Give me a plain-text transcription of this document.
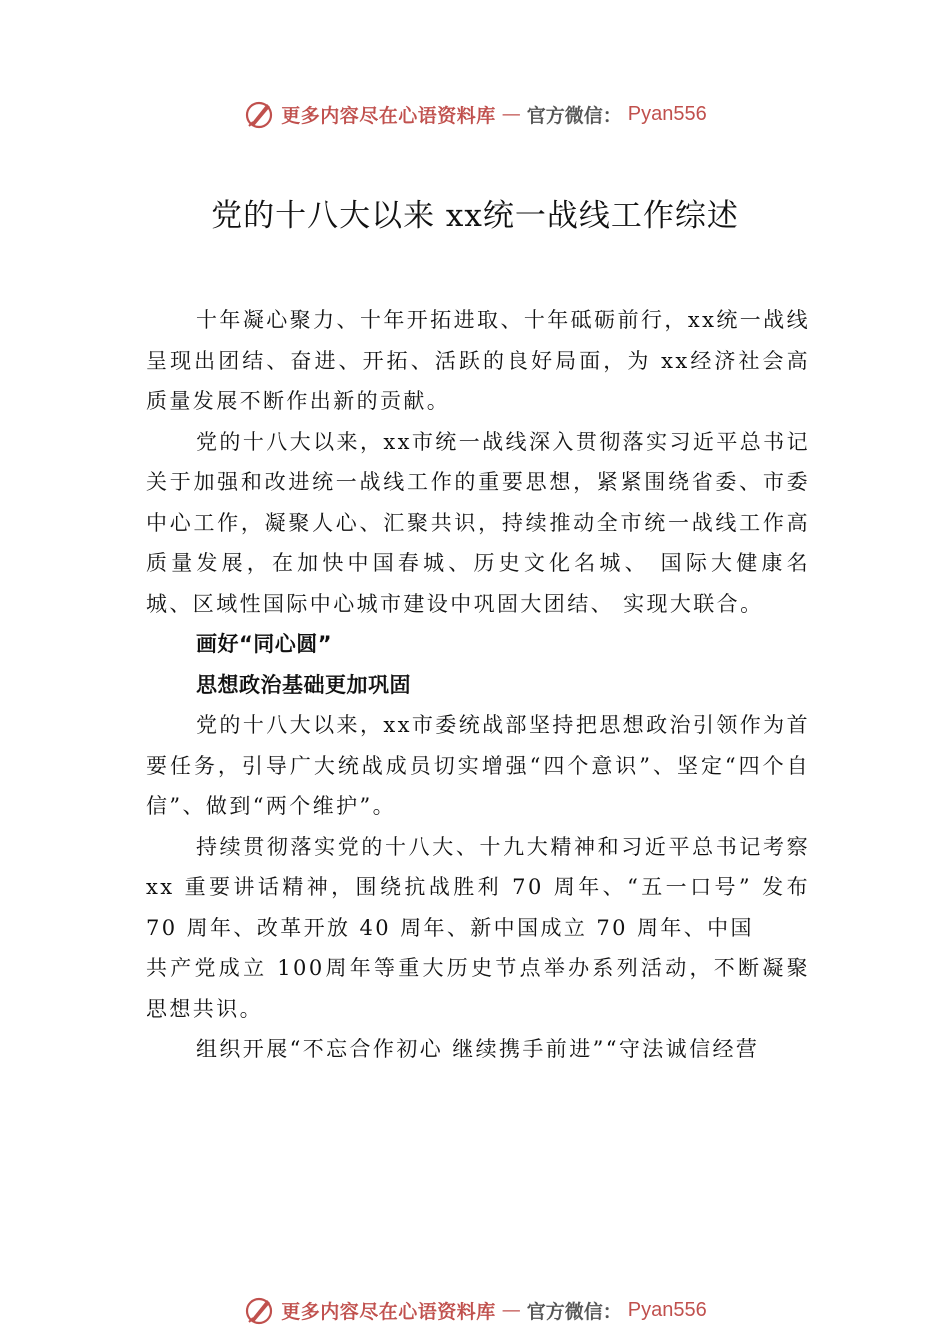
更多内容尽在心语资料库 — 官方微信： Pyan556
党的十八大以来 xx统一战线工作综述

十年凝心聚力、十年开拓进取、十年砥砺前行，xx统一战线呈现出团结、奋进、开拓、活跃的良好局面，为 xx经济社会高质量发展不断作出新的贡献。

党的十八大以来，xx市统一战线深入贯彻落实习近平总书记关于加强和改进统一战线工作的重要思想，紧紧围绕省委、市委中心工作，凝聚人心、汇聚共识，持续推动全市统一战线工作高质量发展，在加快中国春城、历史文化名城、 国际大健康名城、区域性国际中心城市建设中巩固大团结、 实现大联合。

画好“同心圆”

思想政治基础更加巩固

党的十八大以来，xx市委统战部坚持把思想政治引领作为首要任务，引导广大统战成员切实增强“四个意识”、坚定“四个自信”、做到“两个维护”。

持续贯彻落实党的十八大、十九大精神和习近平总书记考察 xx 重要讲话精神，围绕抗战胜利 70 周年、“五一口号” 发布 70 周年、改革开放 40 周年、新中国成立 70 周年、中国

共产党成立 100周年等重大历史节点举办系列活动，不断凝聚思想共识。

组织开展“不忘合作初心 继续携手前进”“守法诚信经营

更多内容尽在心语资料库 — 官方微信： Pyan556
